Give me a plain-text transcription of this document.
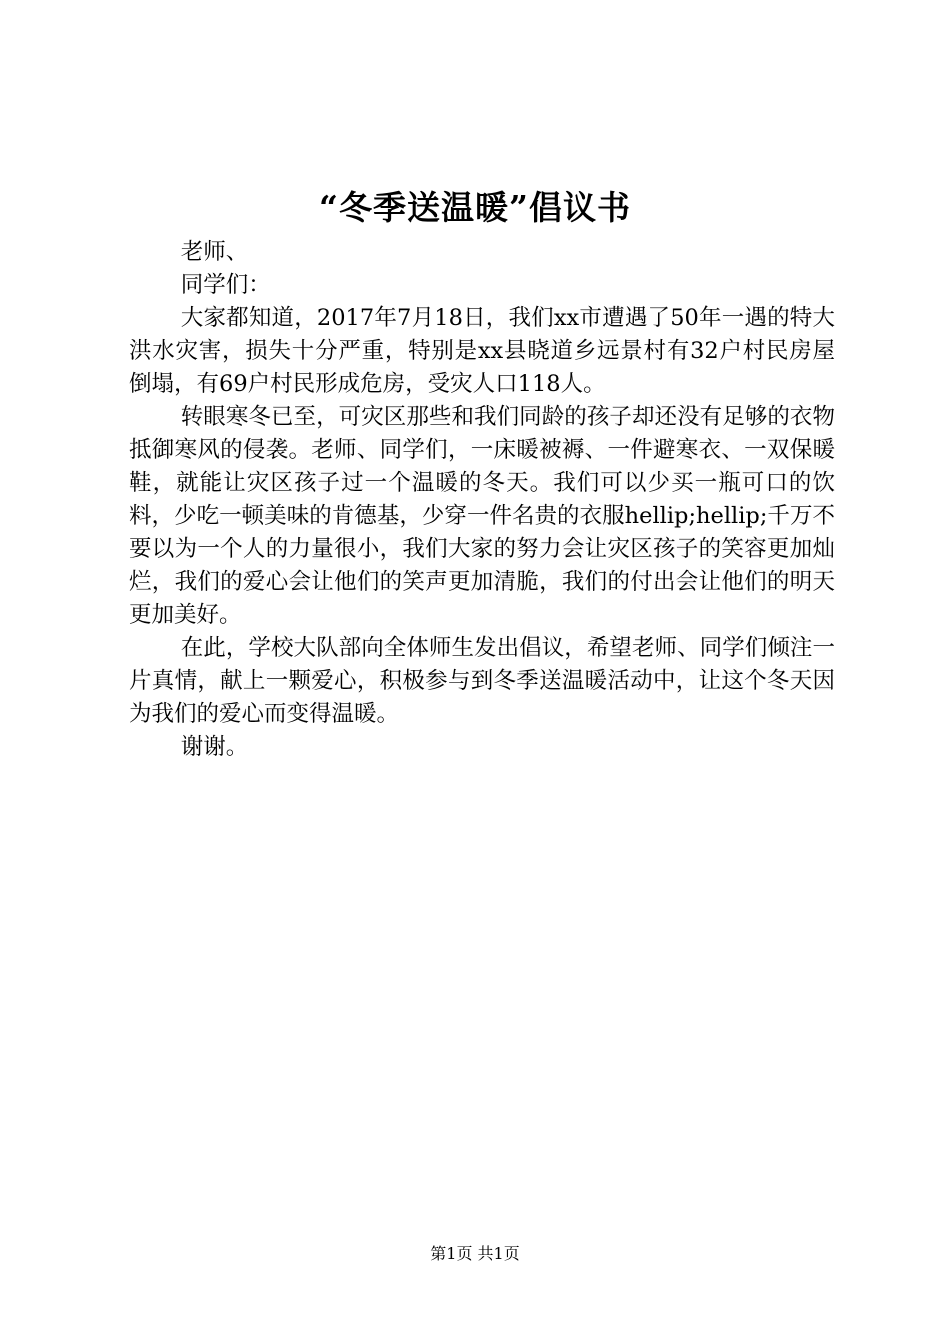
“冬季送温暖”倡议书

老师、

同学们：

大家都知道，2017年7月18日，我们xx市遭遇了50年一遇的特大洪水灾害，损失十分严重，特别是xx县晓道乡远景村有32户村民房屋倒塌，有69户村民形成危房，受灾人口118人。

转眼寒冬已至，可灾区那些和我们同龄的孩子却还没有足够的衣物抵御寒风的侵袭。老师、同学们，一床暖被褥、一件避寒衣、一双保暖鞋，就能让灾区孩子过一个温暖的冬天。我们可以少买一瓶可口的饮料，少吃一顿美味的肯德基，少穿一件名贵的衣服hellip;hellip;千万不要以为一个人的力量很小，我们大家的努力会让灾区孩子的笑容更加灿烂，我们的爱心会让他们的笑声更加清脆，我们的付出会让他们的明天更加美好。

在此，学校大队部向全体师生发出倡议，希望老师、同学们倾注一片真情，献上一颗爱心，积极参与到冬季送温暖活动中，让这个冬天因为我们的爱心而变得温暖。

谢谢。

第1页 共1页
